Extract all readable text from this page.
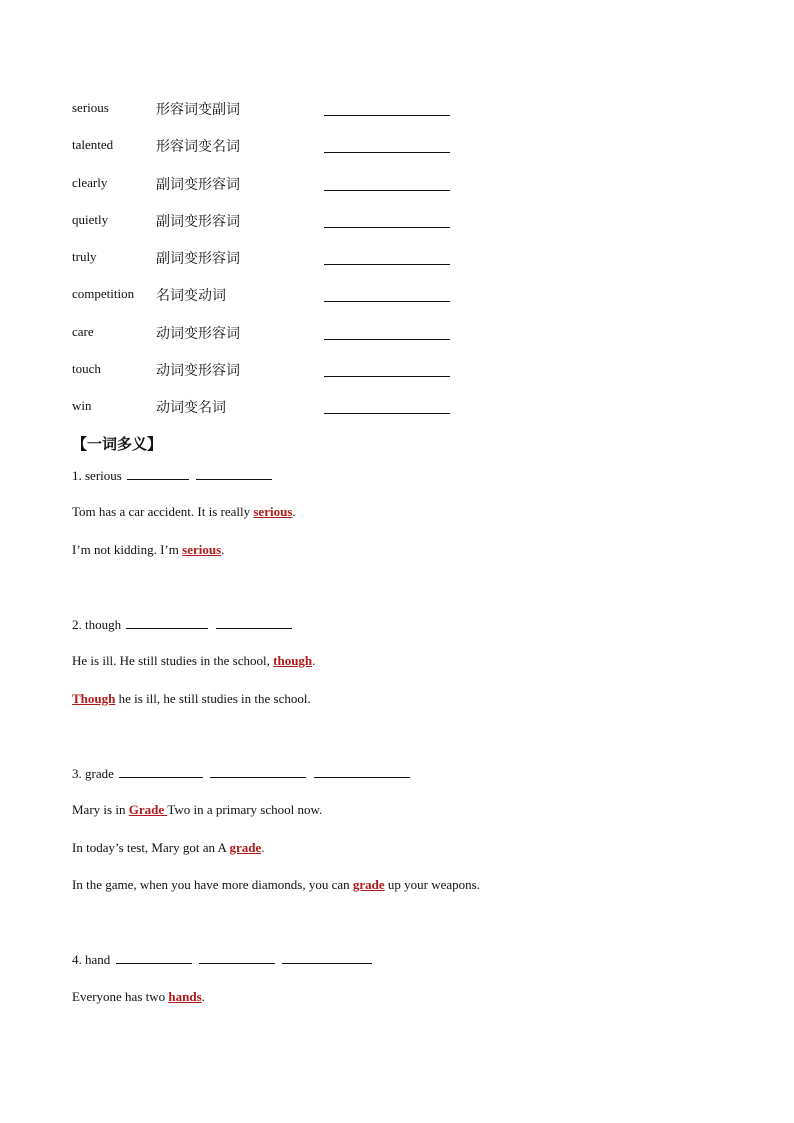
serious	形容词变副词
talented	形容词变名词
clearly	副词变形容词
quietly	副词变形容词
truly	副词变形容词
competition 名词变动词
care	动词变形容词
touch	动词变形容词
win	动词变名词
【一词多义】
1. serious
Tom has a car accident. It is really serious.
I’m not kidding. I’m serious.
2. though
He is ill. He still studies in the school, though.
Though he is ill, he still studies in the school.
3. grade
Mary is in Grade Two in a primary school now.
In today’s test, Mary got an A grade.
In the game, when you have more diamonds, you can grade up your weapons.
4. hand
Everyone has two hands.
